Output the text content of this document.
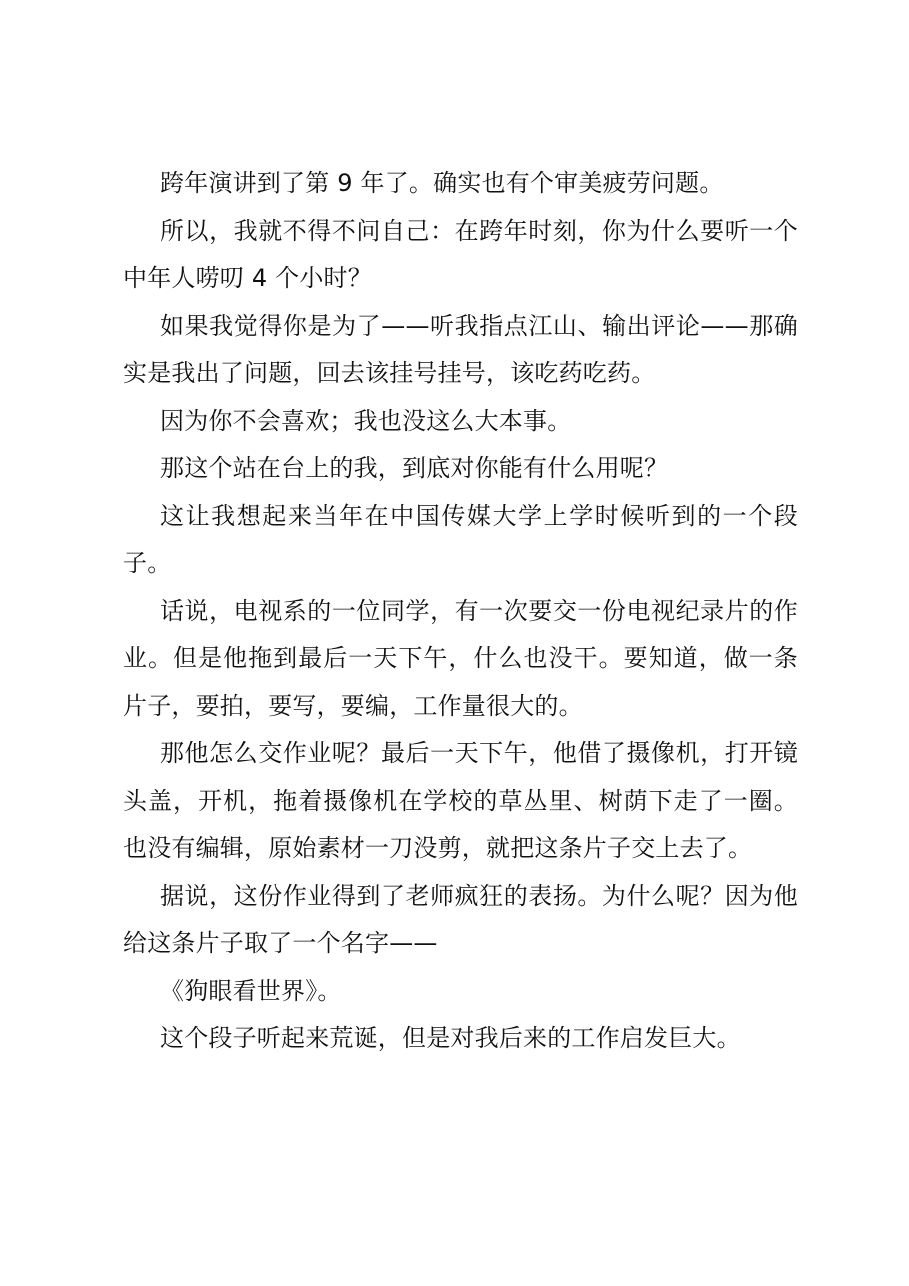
跨年演讲到了第 9 年了。确实也有个审美疲劳问题。

所以，我就不得不问自己：在跨年时刻，你为什么要听一个中年人唠叨 4 个小时？

如果我觉得你是为了——听我指点江山、输出评论——那确实是我出了问题，回去该挂号挂号，该吃药吃药。

因为你不会喜欢；我也没这么大本事。

那这个站在台上的我，到底对你能有什么用呢？

这让我想起来当年在中国传媒大学上学时候听到的一个段子。

话说，电视系的一位同学，有一次要交一份电视纪录片的作业。但是他拖到最后一天下午，什么也没干。要知道，做一条片子，要拍，要写，要编，工作量很大的。

那他怎么交作业呢？最后一天下午，他借了摄像机，打开镜头盖，开机，拖着摄像机在学校的草丛里、树荫下走了一圈。也没有编辑，原始素材一刀没剪，就把这条片子交上去了。

据说，这份作业得到了老师疯狂的表扬。为什么呢？因为他给这条片子取了一个名字——

《狗眼看世界》。

这个段子听起来荒诞，但是对我后来的工作启发巨大。
